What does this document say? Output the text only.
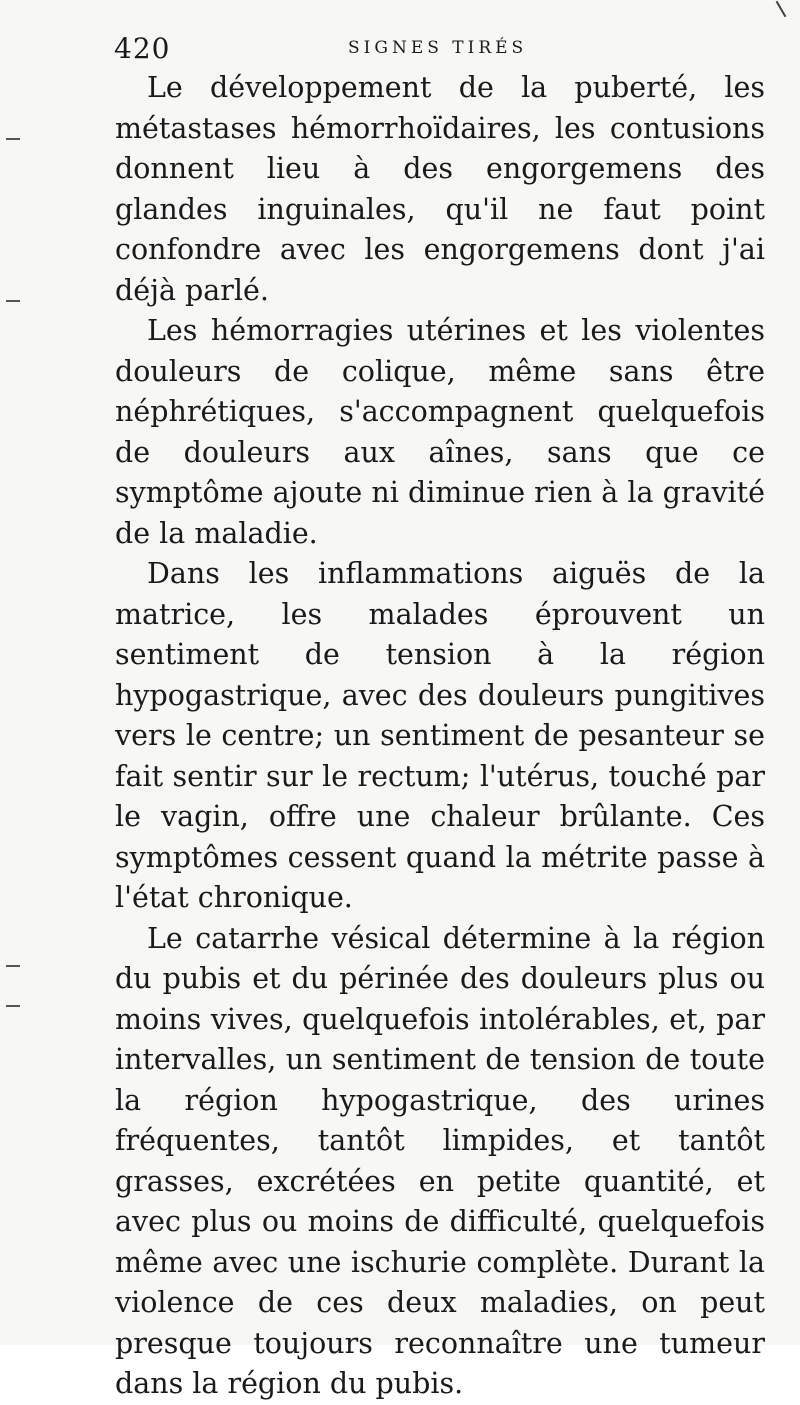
420	SIGNES TIRÉS

Le développement de la puberté, les métastases hémorrhoïdaires, les contusions donnent lieu à des engorgemens des glandes inguinales, qu'il ne faut point confondre avec les engorgemens dont j'ai déjà parlé.

Les hémorragies utérines et les violentes douleurs de colique, même sans être néphrétiques, s'accompagnent quelquefois de douleurs aux aînes, sans que ce symptôme ajoute ni diminue rien à la gravité de la maladie.

Dans les inflammations aiguës de la matrice, les malades éprouvent un sentiment de tension à la région hypogastrique, avec des douleurs pungitives vers le centre; un sentiment de pesanteur se fait sentir sur le rectum; l'utérus, touché par le vagin, offre une chaleur brûlante. Ces symptômes cessent quand la métrite passe à l'état chronique.

Le catarrhe vésical détermine à la région du pubis et du périnée des douleurs plus ou moins vives, quelquefois intolérables, et, par intervalles, un sentiment de tension de toute la région hypogastrique, des urines fréquentes, tantôt limpides, et tantôt grasses, excrétées en petite quantité, et avec plus ou moins de difficulté, quelquefois même avec une ischurie complète. Durant la violence de ces deux maladies, on peut presque toujours reconnaître une tumeur dans la région du pubis.
